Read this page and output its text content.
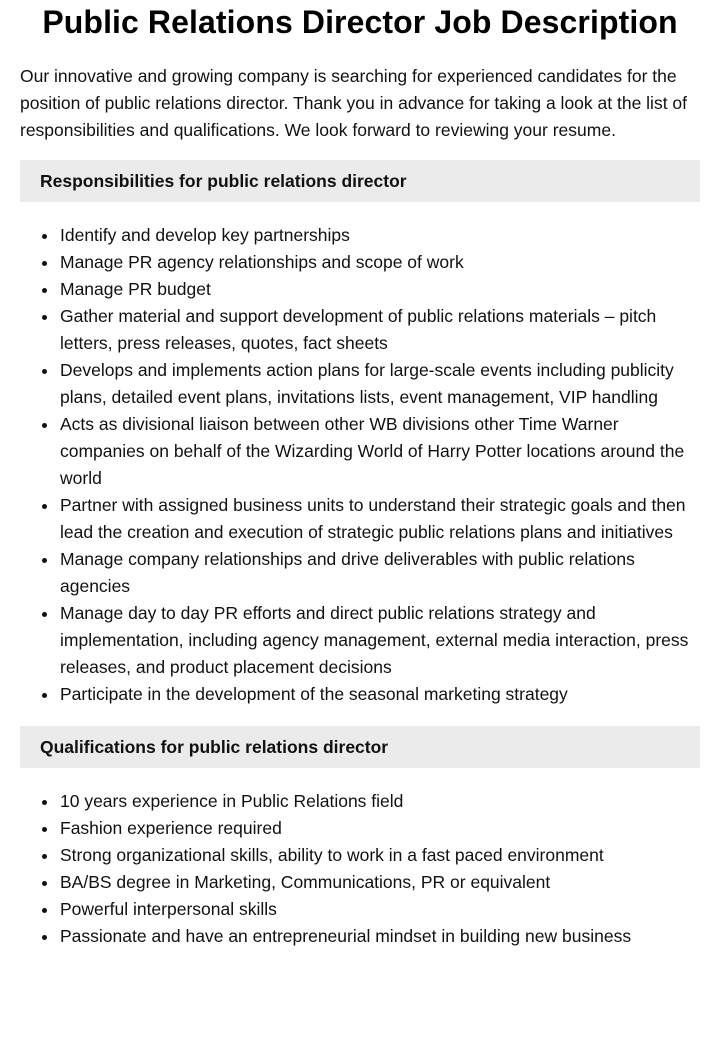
Public Relations Director Job Description

Our innovative and growing company is searching for experienced candidates for the position of public relations director. Thank you in advance for taking a look at the list of responsibilities and qualifications. We look forward to reviewing your resume.

Responsibilities for public relations director
Identify and develop key partnerships
Manage PR agency relationships and scope of work
Manage PR budget
Gather material and support development of public relations materials – pitch letters, press releases, quotes, fact sheets
Develops and implements action plans for large-scale events including publicity plans, detailed event plans, invitations lists, event management, VIP handling
Acts as divisional liaison between other WB divisions other Time Warner companies on behalf of the Wizarding World of Harry Potter locations around the world
Partner with assigned business units to understand their strategic goals and then lead the creation and execution of strategic public relations plans and initiatives
Manage company relationships and drive deliverables with public relations agencies
Manage day to day PR efforts and direct public relations strategy and implementation, including agency management, external media interaction, press releases, and product placement decisions
Participate in the development of the seasonal marketing strategy
Qualifications for public relations director
10 years experience in Public Relations field
Fashion experience required
Strong organizational skills, ability to work in a fast paced environment
BA/BS degree in Marketing, Communications, PR or equivalent
Powerful interpersonal skills
Passionate and have an entrepreneurial mindset in building new business
